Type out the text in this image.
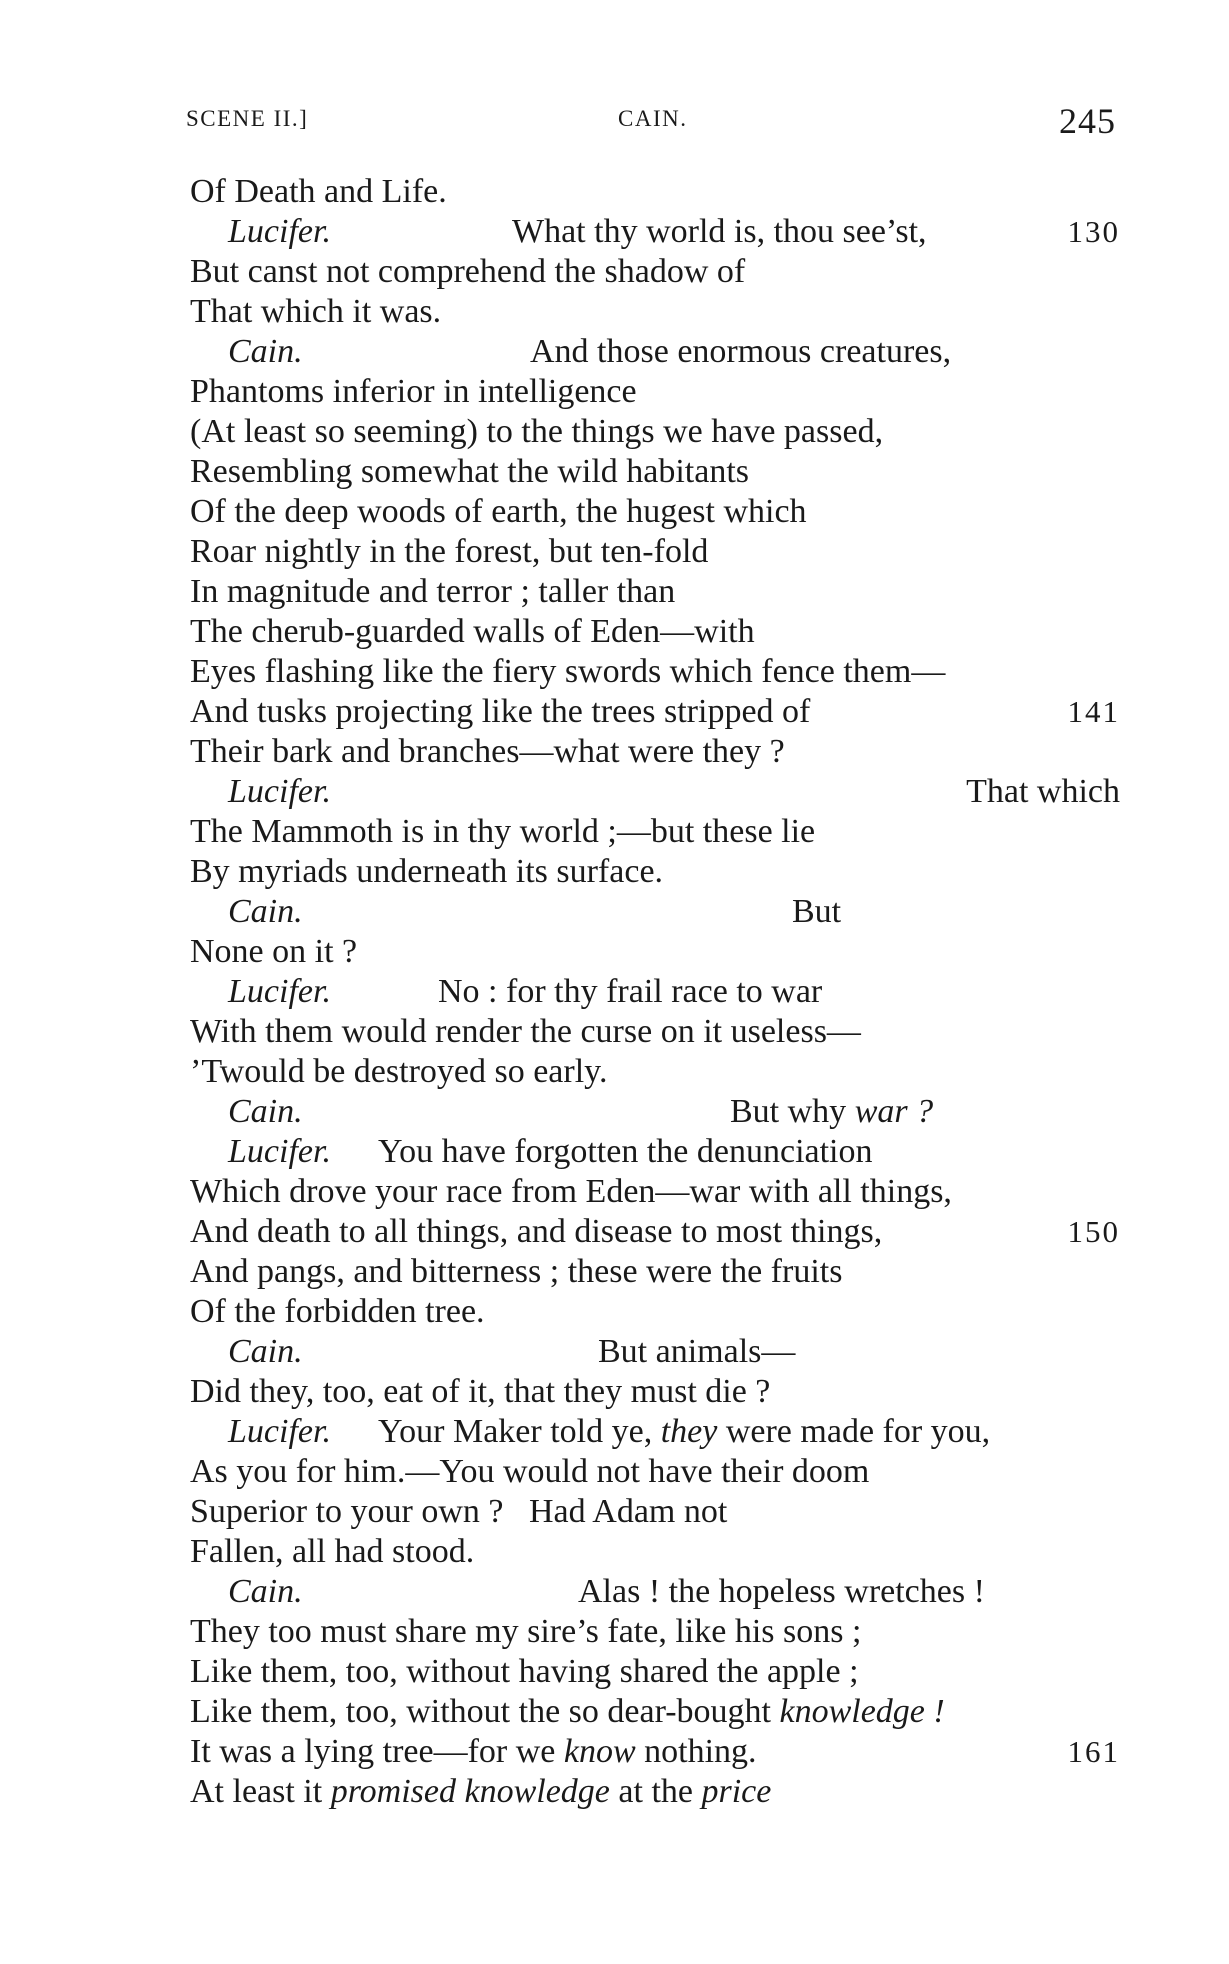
SCENE II.]	CAIN.	245
Of Death and Life.
Lucifer.	What thy world is, thou see’st,	130
But canst not comprehend the shadow of
That which it was.
Cain.	And those enormous creatures,
Phantoms inferior in intelligence
(At least so seeming) to the things we have passed,
Resembling somewhat the wild habitants
Of the deep woods of earth, the hugest which
Roar nightly in the forest, but ten-fold
In magnitude and terror ; taller than
The cherub-guarded walls of Eden—with
Eyes flashing like the fiery swords which fence them—
And tusks projecting like the trees stripped of	141
Their bark and branches—what were they ?
Lucifer.	That which
The Mammoth is in thy world ;—but these lie
By myriads underneath its surface.
Cain.	But
None on it ?
Lucifer.	No : for thy frail race to war
With them would render the curse on it useless—
’Twould be destroyed so early.
Cain.	But why war ?
Lucifer. You have forgotten the denunciation
Which drove your race from Eden—war with all things,
And death to all things, and disease to most things,	150
And pangs, and bitterness ; these were the fruits
Of the forbidden tree.
Cain.	But animals—
Did they, too, eat of it, that they must die ?
Lucifer. Your Maker told ye, they were made for you,
As you for him.—You would not have their doom
Superior to your own ?   Had Adam not
Fallen, all had stood.
Cain.	Alas ! the hopeless wretches !
They too must share my sire’s fate, like his sons ;
Like them, too, without having shared the apple ;
Like them, too, without the so dear-bought knowledge !
It was a lying tree—for we know nothing.	161
At least it promised knowledge at the price
